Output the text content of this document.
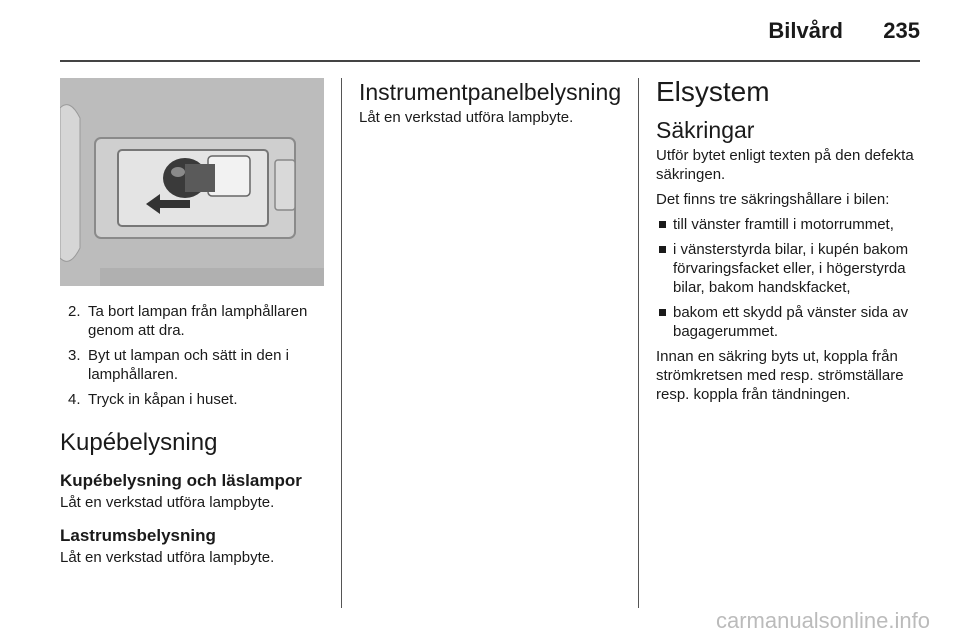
Bilvård 235
2. Ta bort lampan från lamphållaren genom att dra.
3. Byt ut lampan och sätt in den i lamphållaren.
4. Tryck in kåpan i huset.
Kupébelysning
Kupébelysning och läslampor

Låt en verkstad utföra lampbyte.

Lastrumsbelysning

Låt en verkstad utföra lampbyte.

Instrumentpanelbelysning

Låt en verkstad utföra lampbyte.

Elsystem
Säkringar

Utför bytet enligt texten på den defekta säkringen.

Det finns tre säkringshållare i bilen:

till vänster framtill i motorrummet,
i vänsterstyrda bilar, i kupén bakom förvaringsfacket eller, i högerstyrda bilar, bakom handskfacket,
bakom ett skydd på vänster sida av bagagerummet.

Innan en säkring byts ut, koppla från strömkretsen med resp. strömställare resp. koppla från tändningen.

carmanualsonline.info
